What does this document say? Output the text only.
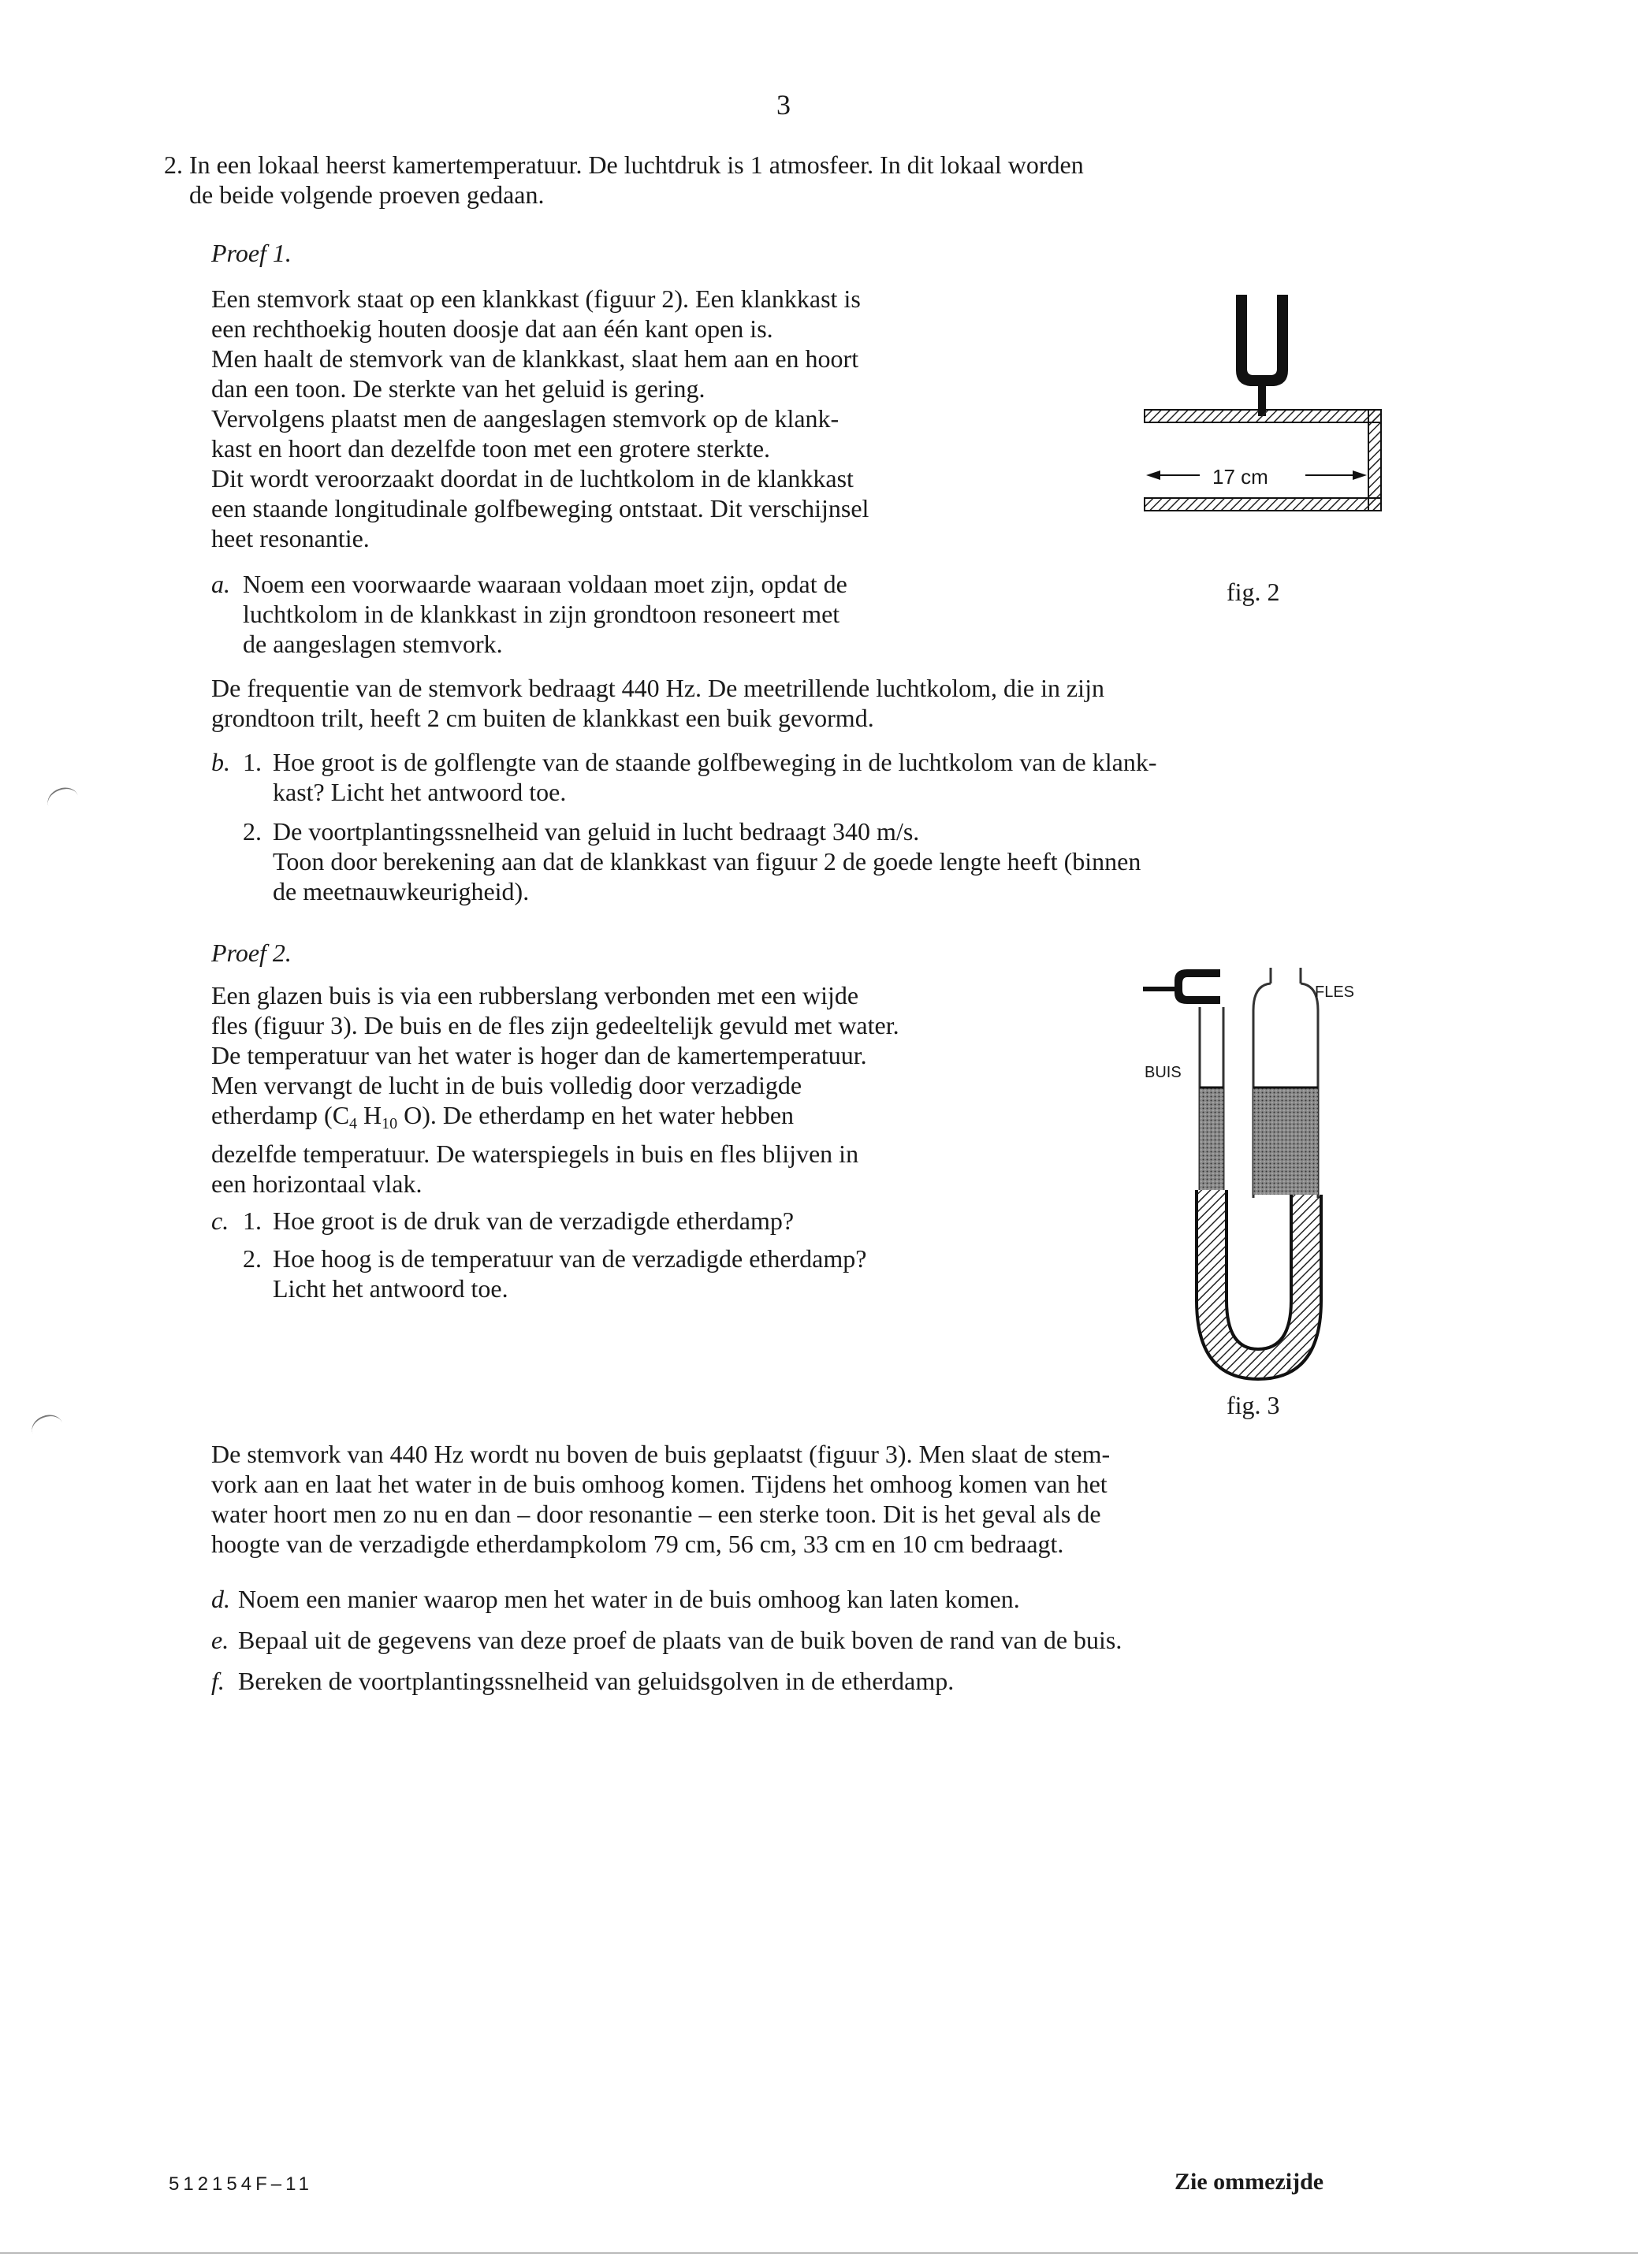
3
2. In een lokaal heerst kamertemperatuur. De luchtdruk is 1 atmosfeer. In dit lokaal worden
de beide volgende proeven gedaan.
Proef 1.
Een stemvork staat op een klankkast (figuur 2). Een klankkast is
een rechthoekig houten doosje dat aan één kant open is.
Men haalt de stemvork van de klankkast, slaat hem aan en hoort
dan een toon. De sterkte van het geluid is gering.
Vervolgens plaatst men de aangeslagen stemvork op de klank-
kast en hoort dan dezelfde toon met een grotere sterkte.
Dit wordt veroorzaakt doordat in de luchtkolom in de klankkast
een staande longitudinale golfbeweging ontstaat. Dit verschijnsel
heet resonantie.
a. Noem een voorwaarde waaraan voldaan moet zijn, opdat de
luchtkolom in de klankkast in zijn grondtoon resoneert met
de aangeslagen stemvork.
De frequentie van de stemvork bedraagt 440 Hz. De meetrillende luchtkolom, die in zijn
grondtoon trilt, heeft 2 cm buiten de klankkast een buik gevormd.
b. 1. Hoe groot is de golflengte van de staande golfbeweging in de luchtkolom van de klank-
kast? Licht het antwoord toe.
2. De voortplantingssnelheid van geluid in lucht bedraagt 340 m/s.
Toon door berekening aan dat de klankkast van figuur 2 de goede lengte heeft (binnen
de meetnauwkeurigheid).
17 cm
fig. 2
Proef 2.
Een glazen buis is via een rubberslang verbonden met een wijde
fles (figuur 3). De buis en de fles zijn gedeeltelijk gevuld met water.
De temperatuur van het water is hoger dan de kamertemperatuur.
Men vervangt de lucht in de buis volledig door verzadigde
etherdamp ($C_4$ $H_{10}$ O). De etherdamp en het water hebben
dezelfde temperatuur. De waterspiegels in buis en fles blijven in
een horizontaal vlak.
c. 1. Hoe groot is de druk van de verzadigde etherdamp?
2. Hoe hoog is de temperatuur van de verzadigde etherdamp?
Licht het antwoord toe.
BUIS
FLES
fig. 3
De stemvork van 440 Hz wordt nu boven de buis geplaatst (figuur 3). Men slaat de stem-
vork aan en laat het water in de buis omhoog komen. Tijdens het omhoog komen van het
water hoort men zo nu en dan – door resonantie – een sterke toon. Dit is het geval als de
hoogte van de verzadigde etherdampkolom 79 cm, 56 cm, 33 cm en 10 cm bedraagt.
d. Noem een manier waarop men het water in de buis omhoog kan laten komen.
e. Bepaal uit de gegevens van deze proef de plaats van de buik boven de rand van de buis.
f. Bereken de voortplantingssnelheid van geluidsgolven in de etherdamp.
512154F–11	Zie ommezijde
